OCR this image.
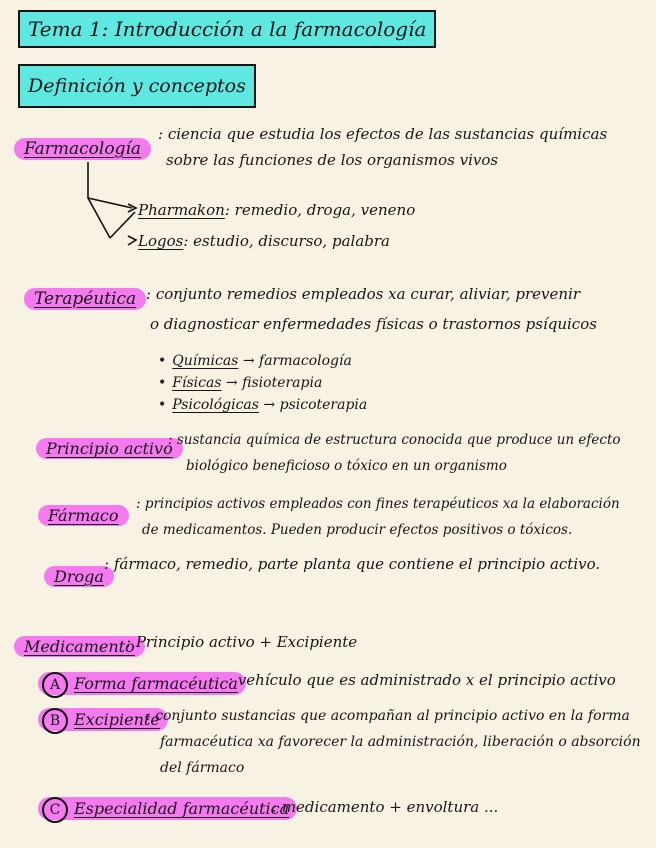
Tema 1: Introducción a la farmacología
Definición y conceptos
Farmacología
: ciencia que estudia los efectos de las sustancias químicas
sobre las funciones de los organismos vivos
Pharmakon: remedio, droga, veneno
Logos: estudio, discurso, palabra
Terapéutica : conjunto remedios empleados xa curar, aliviar, prevenir
o diagnosticar enfermedades físicas o trastornos psíquicos
• Químicas → farmacología
• Físicas → fisioterapia
• Psicológicas → psicoterapia
Principio activo
: sustancia química de estructura conocida que produce un efecto
biológico beneficioso o tóxico en un organismo
Fármaco
: principios activos empleados con fines terapéuticos xa la elaboración
de medicamentos. Pueden producir efectos positivos o tóxicos.
Droga
: fármaco, remedio, parte planta que contiene el principio activo.
Medicamento
: Principio activo + Excipiente
A Forma farmacéutica
: vehículo que es administrado x el principio activo
B Excipiente
: conjunto sustancias que acompañan al principio activo en la forma
farmacéutica xa favorecer la administración, liberación o absorción
del fármaco
C Especialidad farmacéutica
: medicamento + envoltura ...
